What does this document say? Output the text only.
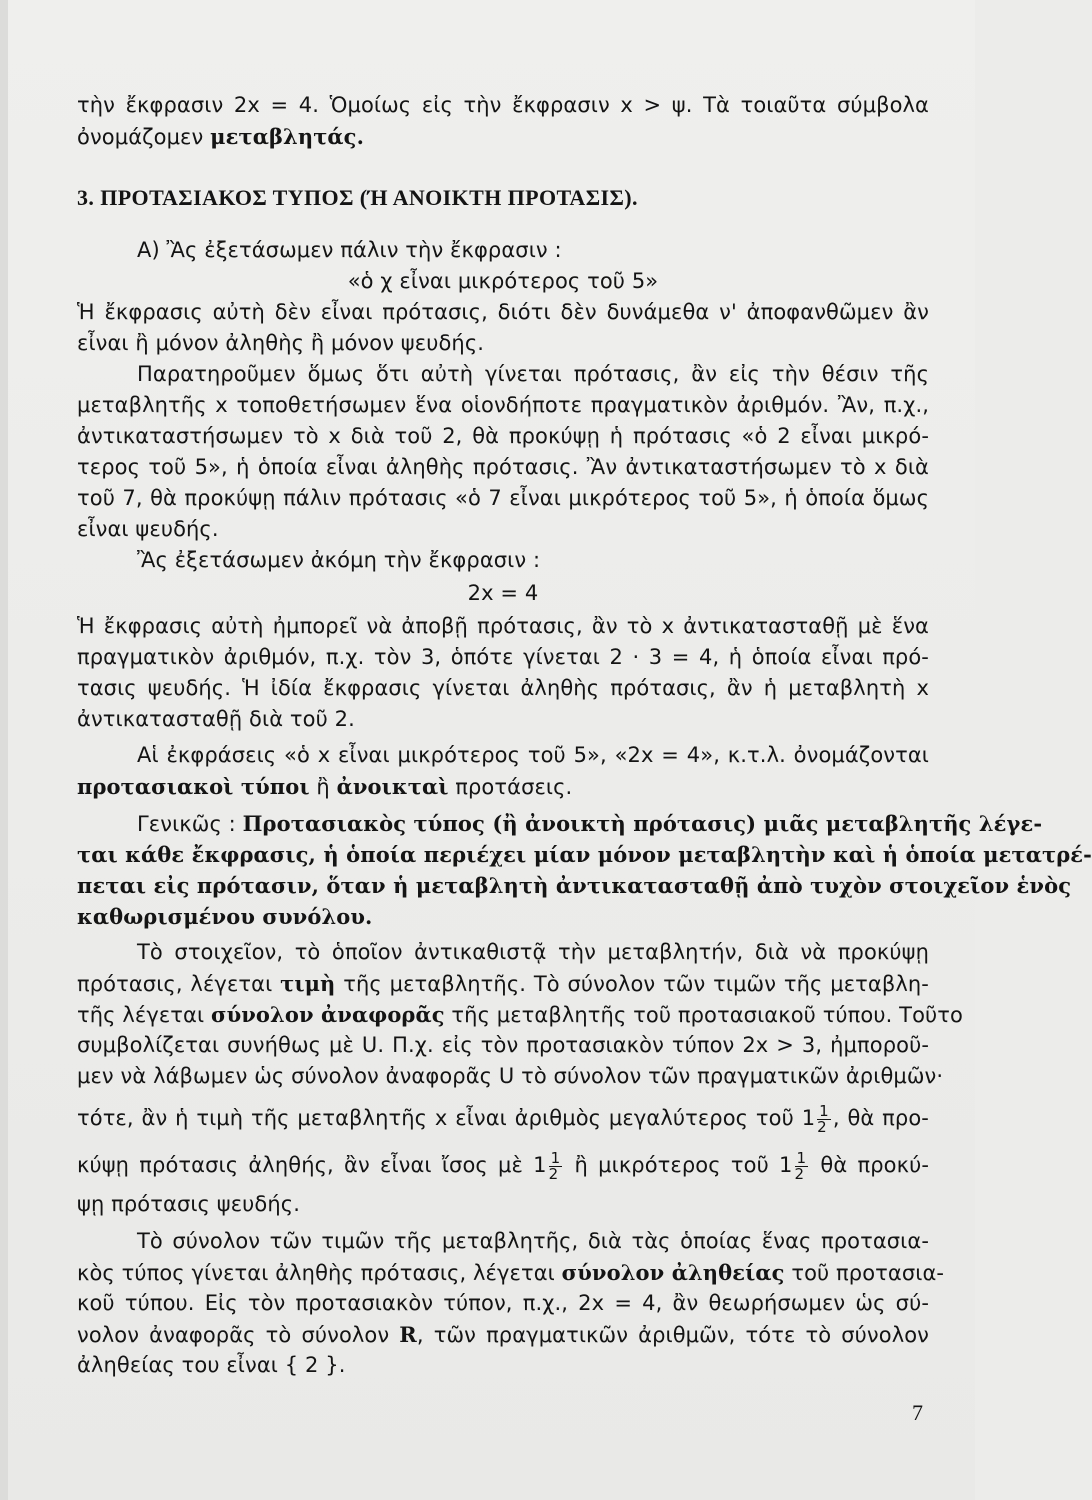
τὴν ἔκφρασιν 2x = 4. Ὁμοίως εἰς τὴν ἔκφρασιν x > ψ. Τὰ τοιαῦτα σύμβολα
ὀνομάζομεν μεταβλητάς.
3. ΠΡΟΤΑΣΙΑΚΟΣ ΤΥΠΟΣ (Ή ΑΝΟΙΚΤΗ ΠΡΟΤΑΣΙΣ).
Α) Ἂς ἐξετάσωμεν πάλιν τὴν ἔκφρασιν :
«ὁ χ εἶναι μικρότερος τοῦ 5»
Ἡ ἔκφρασις αὐτὴ δὲν εἶναι πρότασις, διότι δὲν δυνάμεθα ν' ἀποφανθῶμεν ἂν
εἶναι ἢ μόνον ἀληθὴς ἢ μόνον ψευδής.
Παρατηροῦμεν ὅμως ὅτι αὐτὴ γίνεται πρότασις, ἂν εἰς τὴν θέσιν τῆς
μεταβλητῆς x τοποθετήσωμεν ἕνα οἱονδήποτε πραγματικὸν ἀριθμόν. Ἂν, π.χ.,
ἀντικαταστήσωμεν τὸ x διὰ τοῦ 2, θὰ προκύψῃ ἡ πρότασις «ὁ 2 εἶναι μικρό-
τερος τοῦ 5», ἡ ὁποία εἶναι ἀληθὴς πρότασις. Ἂν ἀντικαταστήσωμεν τὸ x διὰ
τοῦ 7, θὰ προκύψῃ πάλιν πρότασις «ὁ 7 εἶναι μικρότερος τοῦ 5», ἡ ὁποία ὅμως
εἶναι ψευδής.
Ἂς ἐξετάσωμεν ἀκόμη τὴν ἔκφρασιν :
2x = 4
Ἡ ἔκφρασις αὐτὴ ἠμπορεῖ νὰ ἀποβῇ πρότασις, ἂν τὸ x ἀντικατασταθῇ μὲ ἕνα
πραγματικὸν ἀριθμόν, π.χ. τὸν 3, ὁπότε γίνεται 2 · 3 = 4, ἡ ὁποία εἶναι πρό-
τασις ψευδής. Ἡ ἰδία ἔκφρασις γίνεται ἀληθὴς πρότασις, ἂν ἡ μεταβλητὴ x
ἀντικατασταθῇ διὰ τοῦ 2.
Αἱ ἐκφράσεις «ὁ x εἶναι μικρότερος τοῦ 5», «2x = 4», κ.τ.λ. ὀνομάζονται
προτασιακοὶ τύποι ἢ ἀνοικταὶ προτάσεις.
Γενικῶς : Προτασιακὸς τύπος (ἢ ἀνοικτὴ πρότασις) μιᾶς μεταβλητῆς λέγε-
ται κάθε ἔκφρασις, ἡ ὁποία περιέχει μίαν μόνον μεταβλητὴν καὶ ἡ ὁποία μετατρέ-
πεται εἰς πρότασιν, ὅταν ἡ μεταβλητὴ ἀντικατασταθῇ ἀπὸ τυχὸν στοιχεῖον ἑνὸς
καθωρισμένου συνόλου.
Τὸ στοιχεῖον, τὸ ὁποῖον ἀντικαθιστᾷ τὴν μεταβλητήν, διὰ νὰ προκύψῃ
πρότασις, λέγεται τιμὴ τῆς μεταβλητῆς. Τὸ σύνολον τῶν τιμῶν τῆς μεταβλη-
τῆς λέγεται σύνολον ἀναφορᾶς τῆς μεταβλητῆς τοῦ προτασιακοῦ τύπου. Τοῦτο
συμβολίζεται συνήθως μὲ U. Π.χ. εἰς τὸν προτασιακὸν τύπον 2x > 3, ἠμποροῦ-
μεν νὰ λάβωμεν ὡς σύνολον ἀναφορᾶς U τὸ σύνολον τῶν πραγματικῶν ἀριθμῶν·
τότε, ἂν ἡ τιμὴ τῆς μεταβλητῆς x εἶναι ἀριθμὸς μεγαλύτερος τοῦ $1 \frac{1}{2}$ , θὰ προ-
κύψῃ πρότασις ἀληθής, ἂν εἶναι ἴσος μὲ $1 \frac{1}{2}$ ἢ μικρότερος τοῦ $1 \frac{1}{2}$ θὰ προκύ-
ψῃ πρότασις ψευδής.
Τὸ σύνολον τῶν τιμῶν τῆς μεταβλητῆς, διὰ τὰς ὁποίας ἕνας προτασια-
κὸς τύπος γίνεται ἀληθὴς πρότασις, λέγεται σύνολον ἀληθείας τοῦ προτασια-
κοῦ τύπου. Εἰς τὸν προτασιακὸν τύπον, π.χ., 2x = 4, ἂν θεωρήσωμεν ὡς σύ-
νολον ἀναφορᾶς τὸ σύνολον R, τῶν πραγματικῶν ἀριθμῶν, τότε τὸ σύνολον
ἀληθείας του εἶναι { 2 }.
7
